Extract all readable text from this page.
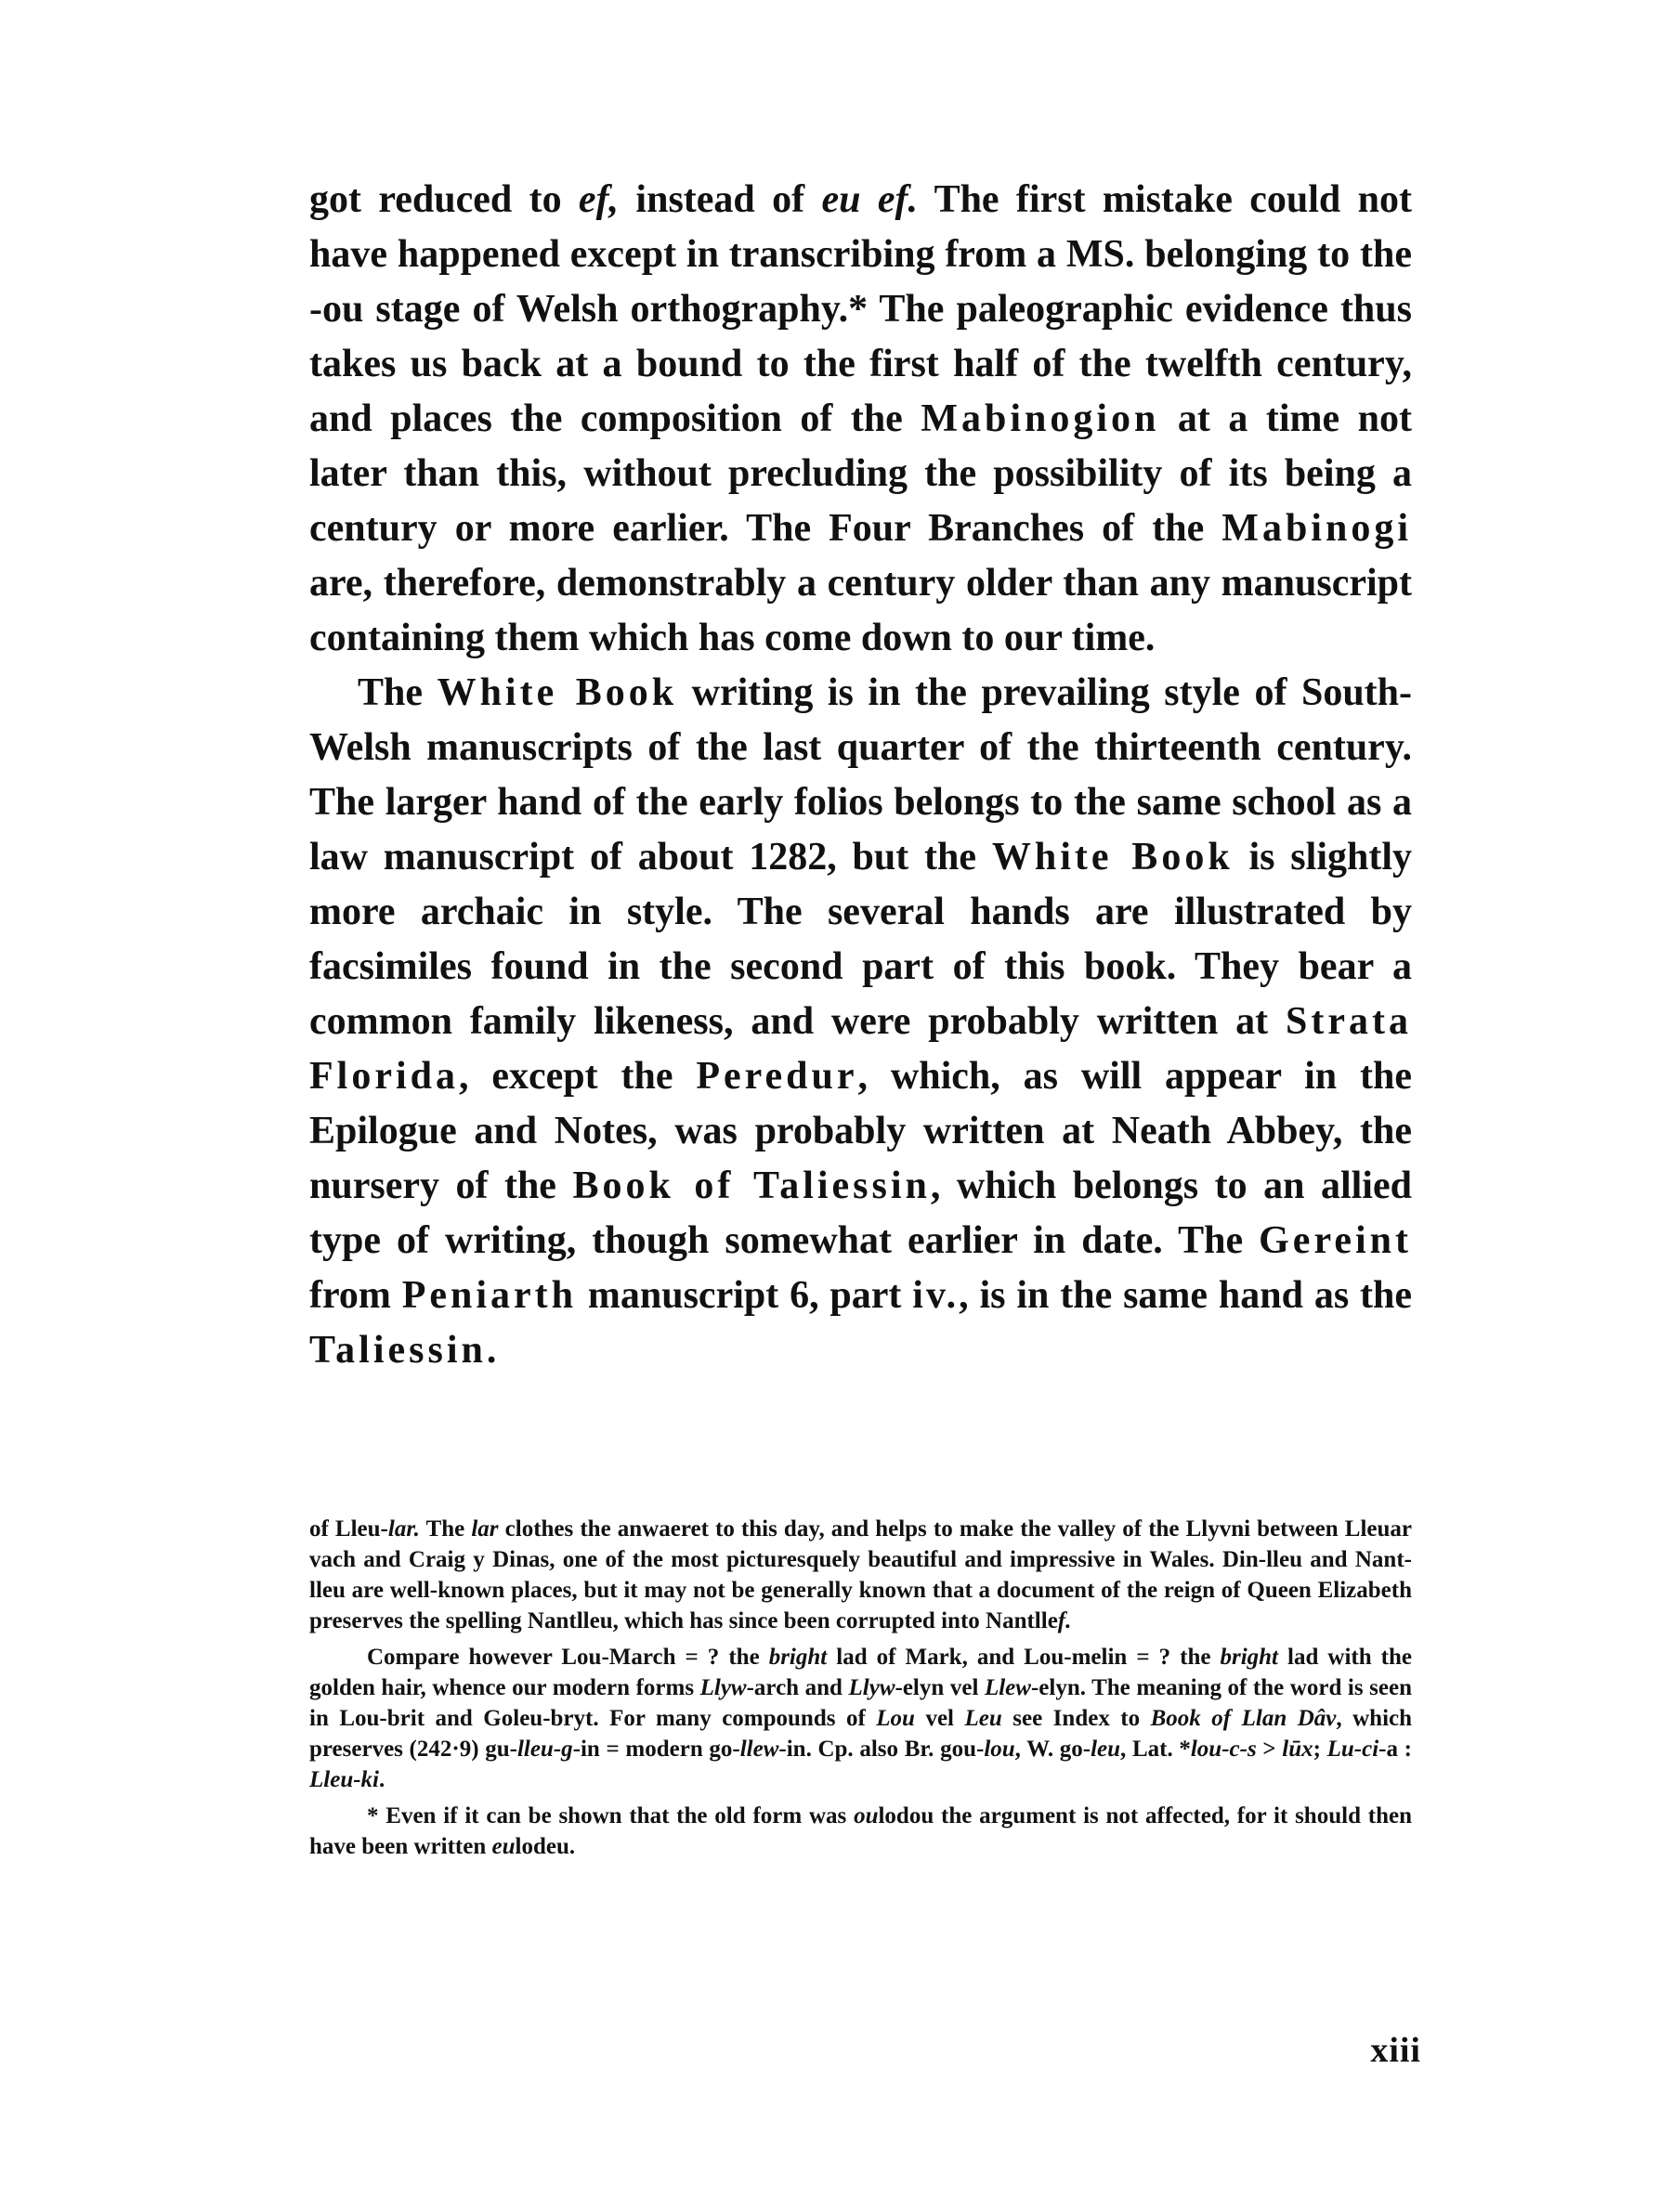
got reduced to ef, instead of eu ef. The first mistake could not have happened except in transcribing from a MS. belonging to the -ou stage of Welsh orthography.* The paleographic evidence thus takes us back at a bound to the first half of the twelfth century, and places the composition of the Mabinogion at a time not later than this, without precluding the possibility of its being a century or more earlier. The Four Branches of the Mabinogi are, therefore, demonstrably a century older than any manuscript containing them which has come down to our time.

The White Book writing is in the prevailing style of South-Welsh manuscripts of the last quarter of the thirteenth century. The larger hand of the early folios belongs to the same school as a law manuscript of about 1282, but the White Book is slightly more archaic in style. The several hands are illustrated by facsimiles found in the second part of this book. They bear a common family likeness, and were probably written at Strata Florida, except the Peredur, which, as will appear in the Epilogue and Notes, was probably written at Neath Abbey, the nursery of the Book of Taliessin, which belongs to an allied type of writing, though somewhat earlier in date. The Gereint from Peniarth manuscript 6, part iv., is in the same hand as the Taliessin.

of Lleu-lar. The lar clothes the anwaeret to this day, and helps to make the valley of the Llyvni between Lleuar vach and Craig y Dinas, one of the most picturesquely beautiful and impressive in Wales. Din-lleu and Nant-lleu are well-known places, but it may not be generally known that a document of the reign of Queen Elizabeth preserves the spelling Nantlleu, which has since been corrupted into Nantllef.

Compare however Lou-March = ? the bright lad of Mark, and Lou-melin = ? the bright lad with the golden hair, whence our modern forms Llyw-arch and Llyw-elyn vel Llew-elyn. The meaning of the word is seen in Lou-brit and Goleu-bryt. For many compounds of Lou vel Leu see Index to Book of Llan Dâv, which preserves (242·9) gu-lleu-g-in = modern go-llew-in. Cp. also Br. gou-lou, W. go-leu, Lat. *lou-c-s > lūx; Lu-ci-a : Lleu-ki.

* Even if it can be shown that the old form was oulodou the argument is not affected, for it should then have been written eulodeu.

xiii
